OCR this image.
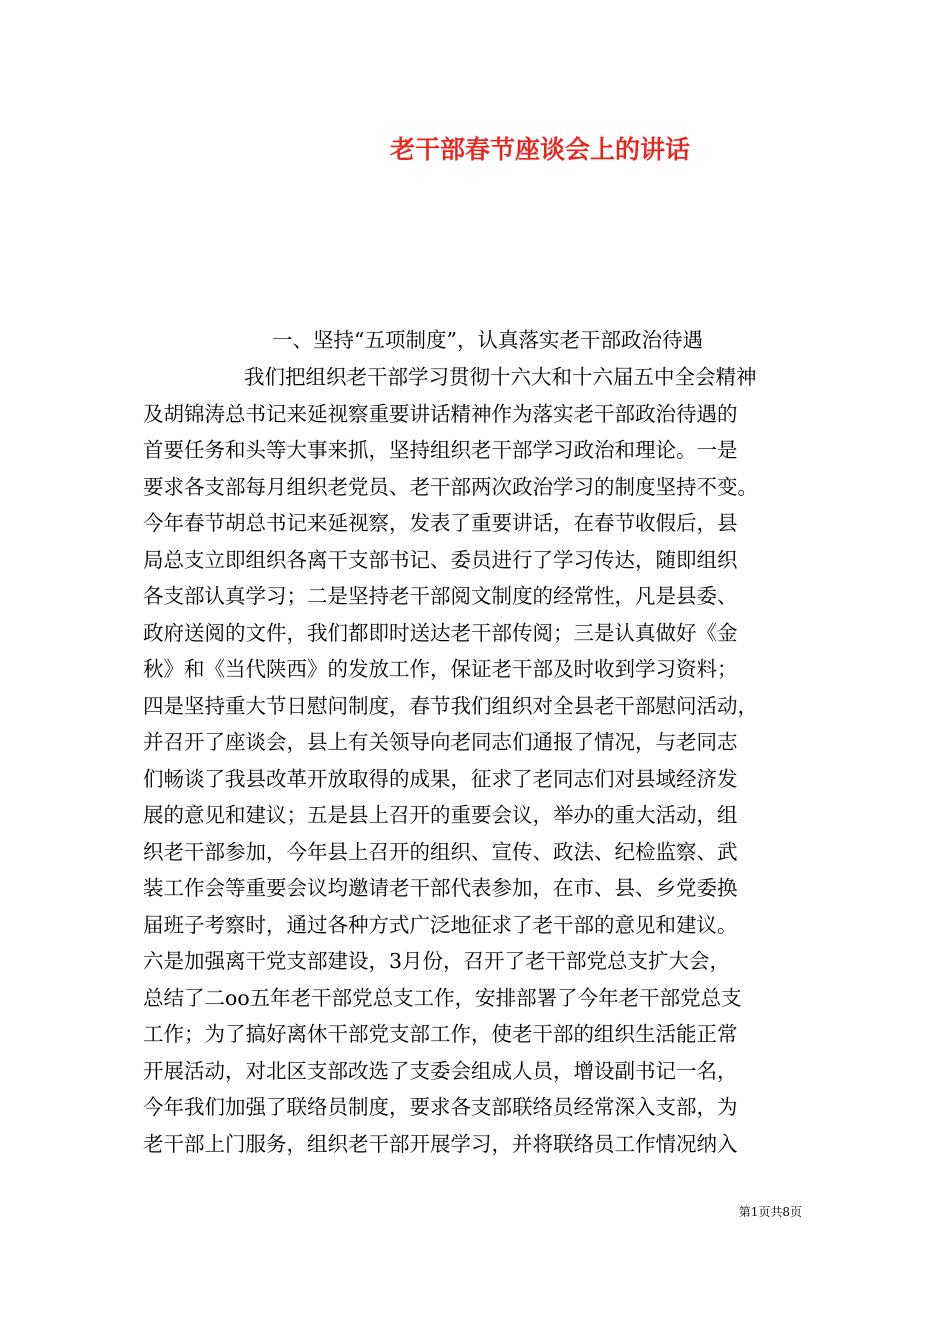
老干部春节座谈会上的讲话
一、坚持“五项制度”，认真落实老干部政治待遇
我们把组织老干部学习贯彻十六大和十六届五中全会精神
及胡锦涛总书记来延视察重要讲话精神作为落实老干部政治待遇的
首要任务和头等大事来抓，坚持组织老干部学习政治和理论。一是
要求各支部每月组织老党员、老干部两次政治学习的制度坚持不变。
今年春节胡总书记来延视察，发表了重要讲话，在春节收假后，县
局总支立即组织各离干支部书记、委员进行了学习传达，随即组织
各支部认真学习；二是坚持老干部阅文制度的经常性，凡是县委、
政府送阅的文件，我们都即时送达老干部传阅；三是认真做好《金
秋》和《当代陕西》的发放工作，保证老干部及时收到学习资料；
四是坚持重大节日慰问制度，春节我们组织对全县老干部慰问活动，
并召开了座谈会，县上有关领导向老同志们通报了情况，与老同志
们畅谈了我县改革开放取得的成果，征求了老同志们对县域经济发
展的意见和建议；五是县上召开的重要会议，举办的重大活动，组
织老干部参加，今年县上召开的组织、宣传、政法、纪检监察、武
装工作会等重要会议均邀请老干部代表参加，在市、县、乡党委换
届班子考察时，通过各种方式广泛地征求了老干部的意见和建议。
六是加强离干党支部建设，3月份，召开了老干部党总支扩大会，
总结了二oo五年老干部党总支工作，安排部署了今年老干部党总支
工作；为了搞好离休干部党支部工作，使老干部的组织生活能正常
开展活动，对北区支部改选了支委会组成人员，增设副书记一名，
今年我们加强了联络员制度，要求各支部联络员经常深入支部，为
老干部上门服务，组织老干部开展学习，并将联络员工作情况纳入
第1页共8页
